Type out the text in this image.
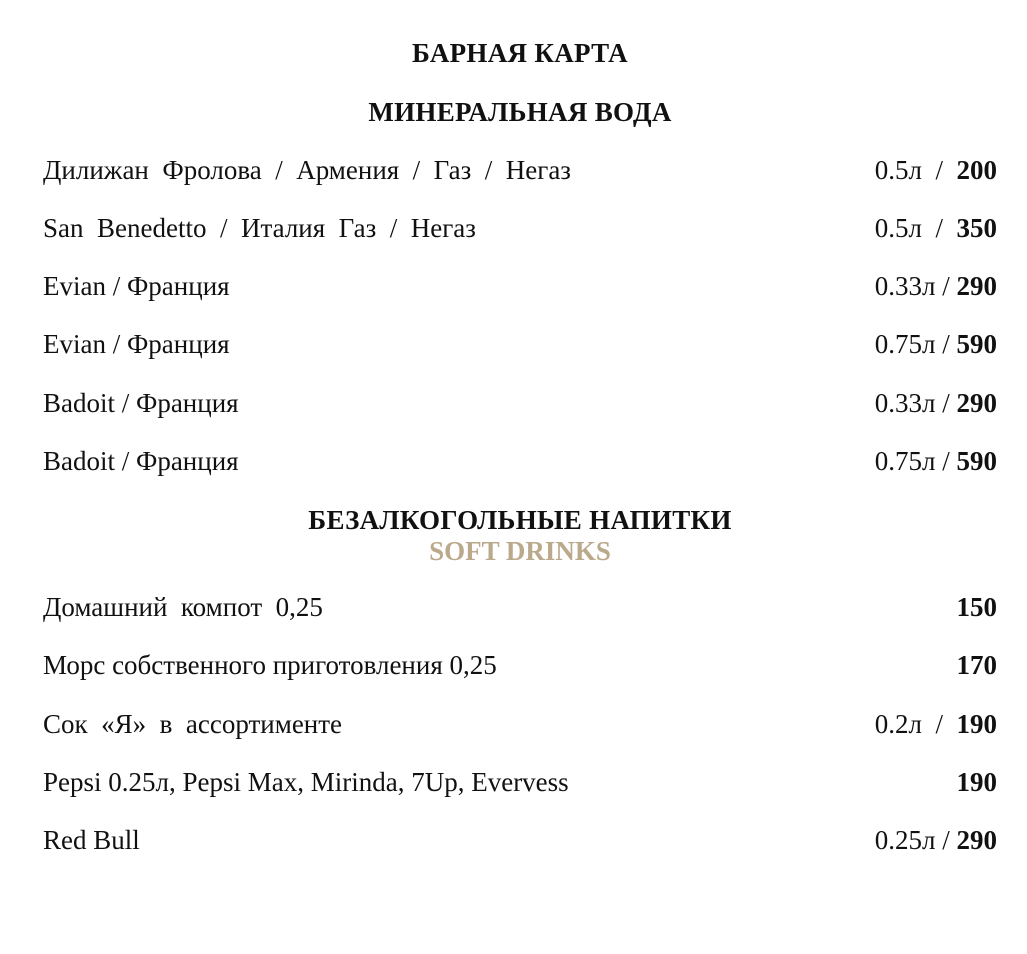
БАРНАЯ КАРТА
МИНЕРАЛЬНАЯ ВОДА
Дилижан  Фролова  /  Армения  /  Газ  /  Негаз	0.5л  /  200
San  Benedetto  /  Италия  Газ  /  Негаз	0.5л  /  350
Evian / Франция	0.33л / 290
Evian / Франция	0.75л / 590
Badoit / Франция	0.33л / 290
Badoit / Франция	0.75л / 590
БЕЗАЛКОГОЛЬНЫЕ НАПИТКИ
SOFT DRINKS
Домашний  компот  0,25	150
Морс собственного приготовления 0,25	170
Сок  «Я»  в  ассортименте	0.2л  /  190
Pepsi 0.25л, Pepsi Max, Mirinda, 7Up, Evervess	190
Red Bull	0.25л / 290
